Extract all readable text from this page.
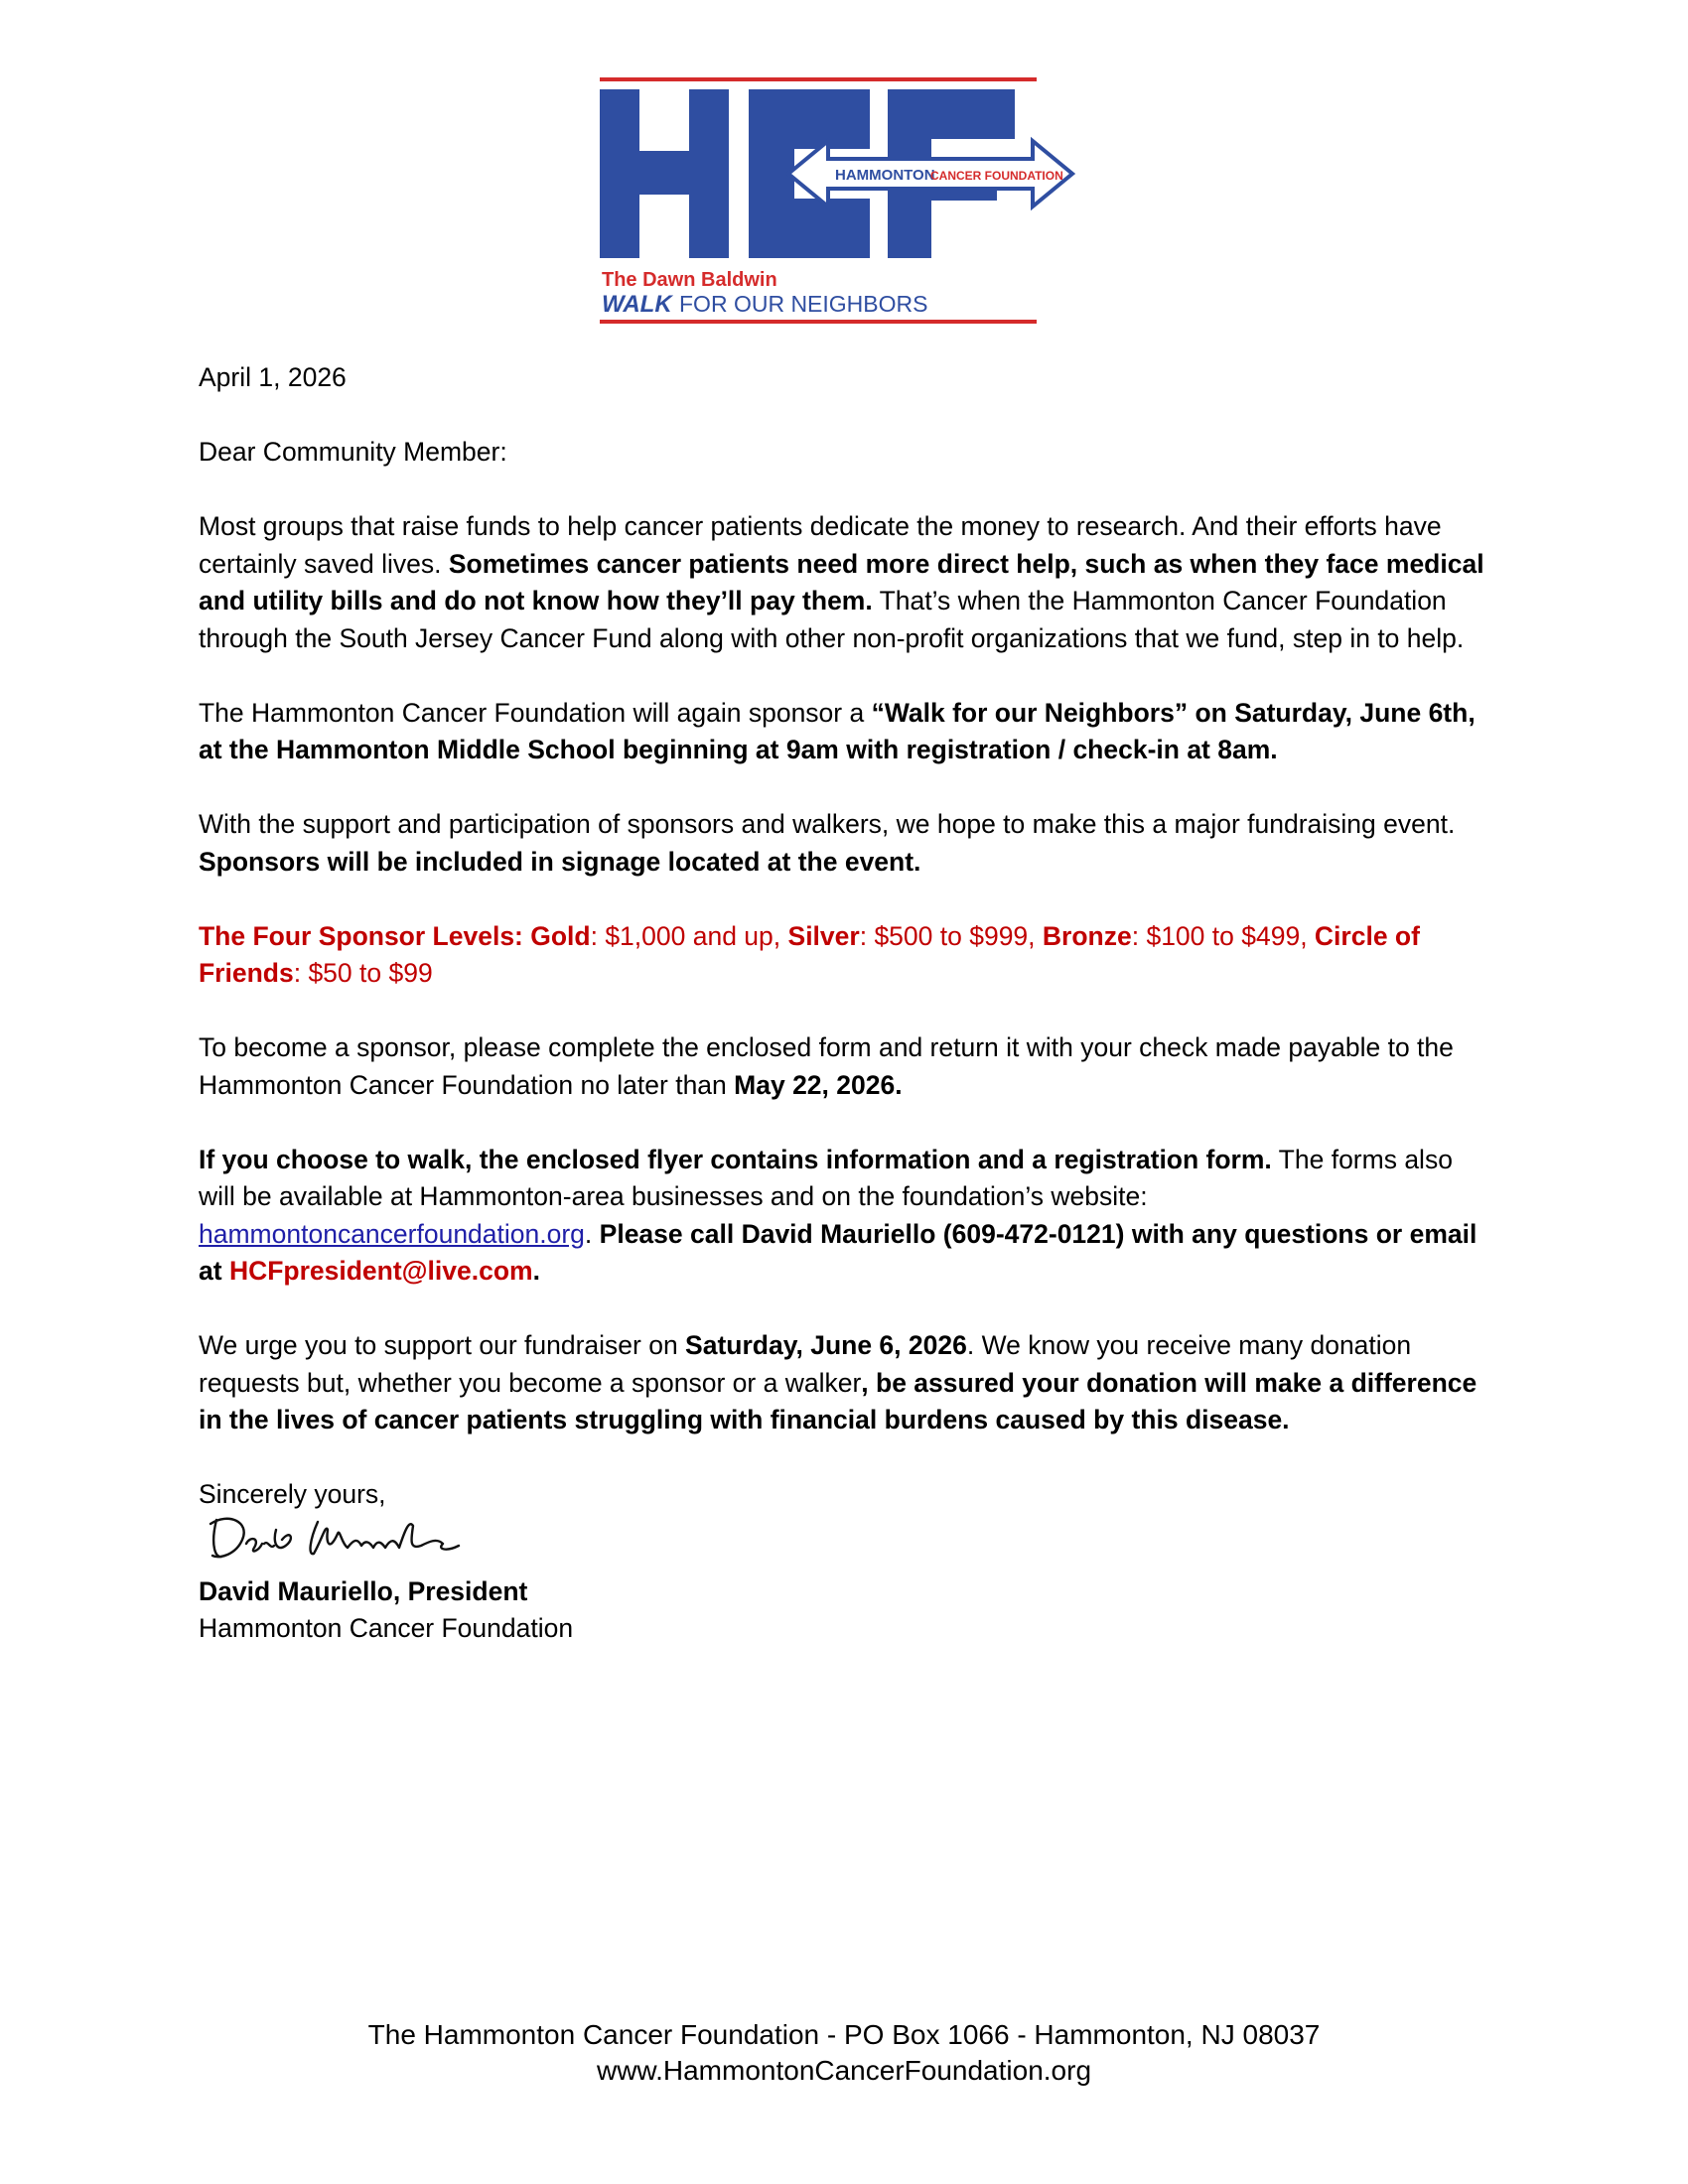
HAMMONTON
CANCER FOUNDATION
The Dawn Baldwin
WALK FOR OUR NEIGHBORS

April 1, 2026

Dear Community Member:

Most groups that raise funds to help cancer patients dedicate the money to research. And their efforts have certainly saved lives. Sometimes cancer patients need more direct help, such as when they face medical and utility bills and do not know how they’ll pay them. That’s when the Hammonton Cancer Foundation through the South Jersey Cancer Fund along with other non-profit organizations that we fund, step in to help.

The Hammonton Cancer Foundation will again sponsor a “Walk for our Neighbors” on Saturday, June 6th, at the Hammonton Middle School beginning at 9am with registration / check-in at 8am.

With the support and participation of sponsors and walkers, we hope to make this a major fundraising event. Sponsors will be included in signage located at the event.

The Four Sponsor Levels: Gold: $1,000 and up, Silver: $500 to $999, Bronze: $100 to $499, Circle of Friends: $50 to $99

To become a sponsor, please complete the enclosed form and return it with your check made payable to the Hammonton Cancer Foundation no later than May 22, 2026.

If you choose to walk, the enclosed flyer contains information and a registration form. The forms also will be available at Hammonton-area businesses and on the foundation’s website: hammontoncancerfoundation.org. Please call David Mauriello (609-472-0121) with any questions or email at HCFpresident@live.com.

We urge you to support our fundraiser on Saturday, June 6, 2026. We know you receive many donation requests but, whether you become a sponsor or a walker, be assured your donation will make a difference in the lives of cancer patients struggling with financial burdens caused by this disease.

Sincerely yours,
David Mauriello, President
Hammonton Cancer Foundation
The Hammonton Cancer Foundation - PO Box 1066 - Hammonton, NJ 08037
www.HammontonCancerFoundation.org
